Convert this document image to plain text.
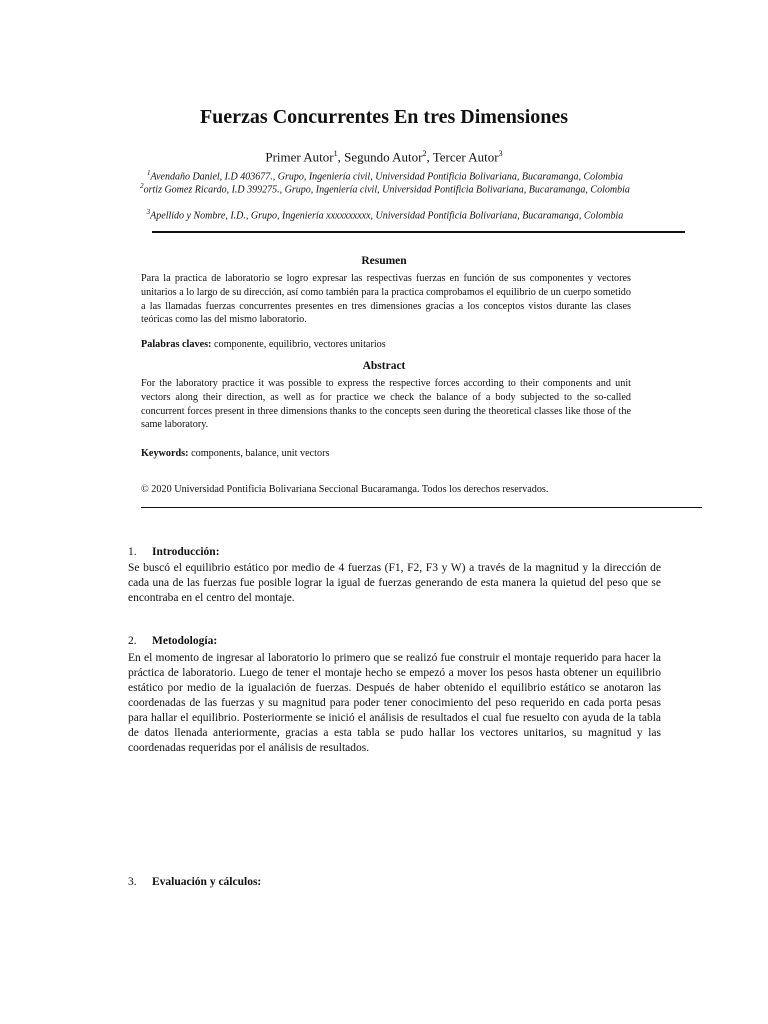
Fuerzas Concurrentes En tres Dimensiones
Primer Autor$^1$, Segundo Autor$^2$, Tercer Autor$^3$
$^1$Avendaño Daniel, I.D 403677., Grupo, Ingeniería civil, Universidad Pontificia Bolivariana, Bucaramanga, Colombia
$^2$ortiz Gomez Ricardo, I.D 399275., Grupo, Ingeniería civil, Universidad Pontificia Bolivariana, Bucaramanga, Colombia
$^3$Apellido y Nombre, I.D., Grupo, Ingeniería xxxxxxxxxx, Universidad Pontificia Bolivariana, Bucaramanga, Colombia
Resumen
Para la practica de laboratorio se logro expresar las respectivas fuerzas en función de sus componentes y vectores unitarios a lo largo de su dirección, así como también para la practica comprobamos el equilibrio de un cuerpo sometido a las llamadas fuerzas concurrentes presentes en tres dimensiones gracias a los conceptos vistos durante las clases teóricas como las del mismo laboratorio.
Palabras claves: componente, equilibrio, vectores unitarios
Abstract
For the laboratory practice it was possible to express the respective forces according to their components and unit vectors along their direction, as well as for practice we check the balance of a body subjected to the so-called concurrent forces present in three dimensions thanks to the concepts seen during the theoretical classes like those of the same laboratory.
Keywords: components, balance, unit vectors
© 2020 Universidad Pontificia Bolivariana Seccional Bucaramanga. Todos los derechos reservados.
1. Introducción:
Se buscó el equilibrio estático por medio de 4 fuerzas (F1, F2, F3 y W) a través de la magnitud y la dirección de cada una de las fuerzas fue posible lograr la igual de fuerzas generando de esta manera la quietud del peso que se encontraba en el centro del montaje.
2. Metodología:
En el momento de ingresar al laboratorio lo primero que se realizó fue construir el montaje requerido para hacer la práctica de laboratorio. Luego de tener el montaje hecho se empezó a mover los pesos hasta obtener un equilibrio estático por medio de la igualación de fuerzas. Después de haber obtenido el equilibrio estático se anotaron las coordenadas de las fuerzas y su magnitud para poder tener conocimiento del peso requerido en cada porta pesas para hallar el equilibrio. Posteriormente se inició el análisis de resultados el cual fue resuelto con ayuda de la tabla de datos llenada anteriormente, gracias a esta tabla se pudo hallar los vectores unitarios, su magnitud y las coordenadas requeridas por el análisis de resultados.
3. Evaluación y cálculos:
